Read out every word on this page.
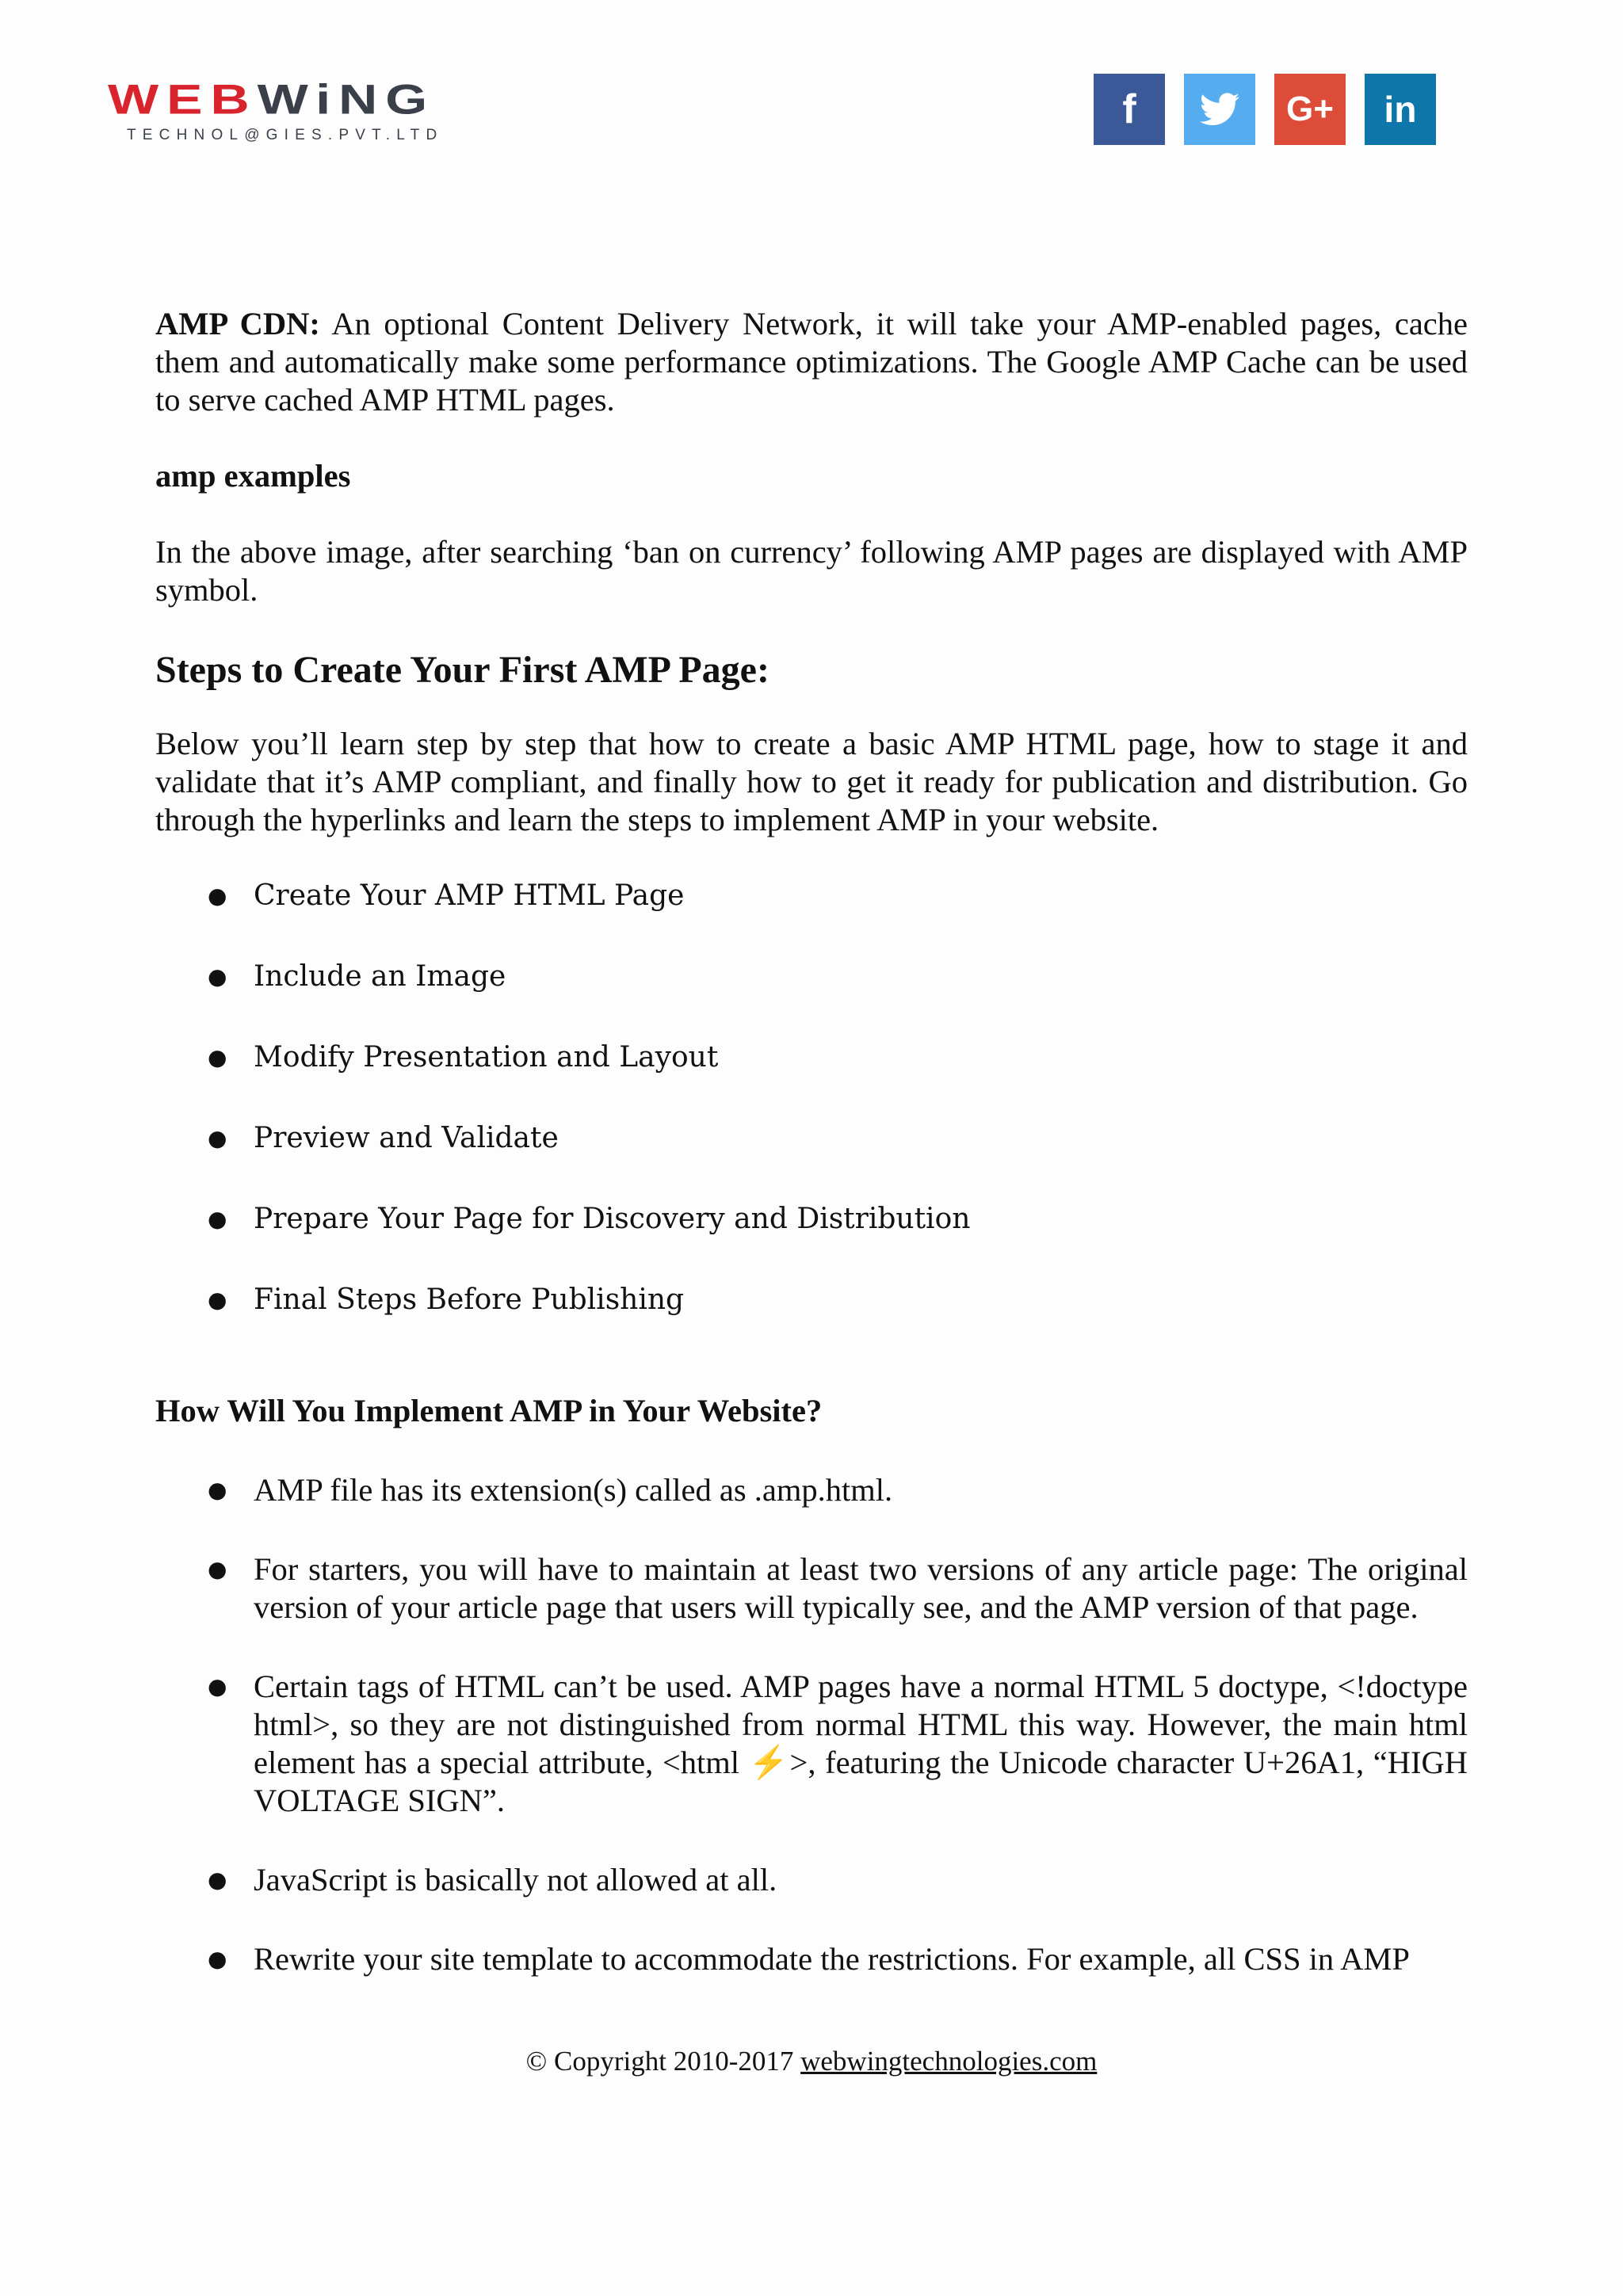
WEBWiNG
TECHNOL@GIES.PVT.LTD
f	G+ in

AMP CDN: An optional Content Delivery Network, it will take your AMP-enabled pages, cache them and automatically make some performance optimizations. The Google AMP Cache can be used to serve cached AMP HTML pages.

amp examples

In the above image, after searching ‘ban on currency’ following AMP pages are displayed with AMP symbol.

Steps to Create Your First AMP Page:

Below you’ll learn step by step that how to create a basic AMP HTML page, how to stage it and validate that it’s AMP compliant, and finally how to get it ready for publication and distribution. Go through the hyperlinks and learn the steps to implement AMP in your website.

● Create Your AMP HTML Page
● Include an Image
● Modify Presentation and Layout
● Preview and Validate
● Prepare Your Page for Discovery and Distribution
● Final Steps Before Publishing
How Will You Implement AMP in Your Website?
● AMP file has its extension(s) called as .amp.html.
● For starters, you will have to maintain at least two versions of any article page: The original version of your article page that users will typically see, and the AMP version of that page.
● Certain tags of HTML can’t be used. AMP pages have a normal HTML 5 doctype, <!doctype html>, so they are not distinguished from normal HTML this way. However, the main html element has a special attribute, <html ⚡>, featuring the Unicode character U+26A1, “HIGH VOLTAGE SIGN”.
● JavaScript is basically not allowed at all.
● Rewrite your site template to accommodate the restrictions. For example, all CSS in AMP
© Copyright 2010-2017 webwingtechnologies.com
